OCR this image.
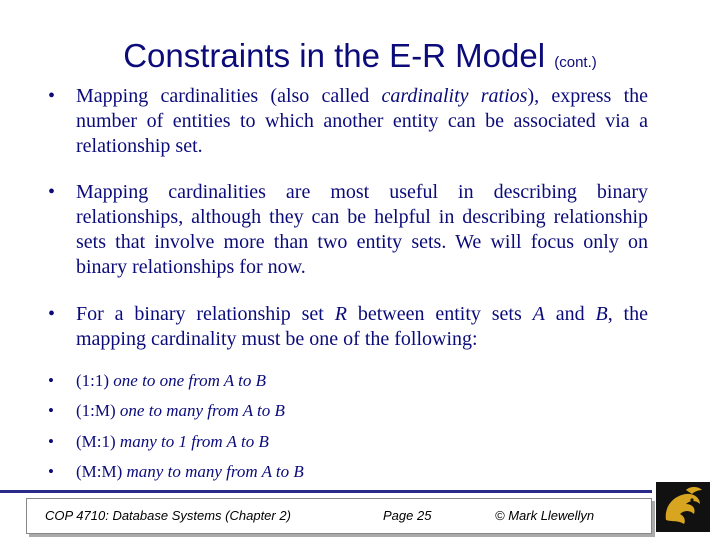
Constraints in the E-R Model (cont.)
• Mapping cardinalities (also called cardinality ratios), express the number of entities to which another entity can be associated via a relationship set.
• Mapping cardinalities are most useful in describing binary relationships, although they can be helpful in describing relationship sets that involve more than two entity sets. We will focus only on binary relationships for now.
• For a binary relationship set R between entity sets A and B, the mapping cardinality must be one of the following:
• (1:1) one to one from A to B
• (1:M) one to many from A to B
• (M:1) many to 1 from A to B
• (M:M) many to many from A to B
COP 4710: Database Systems (Chapter 2)	Page 25	© Mark Llewellyn
